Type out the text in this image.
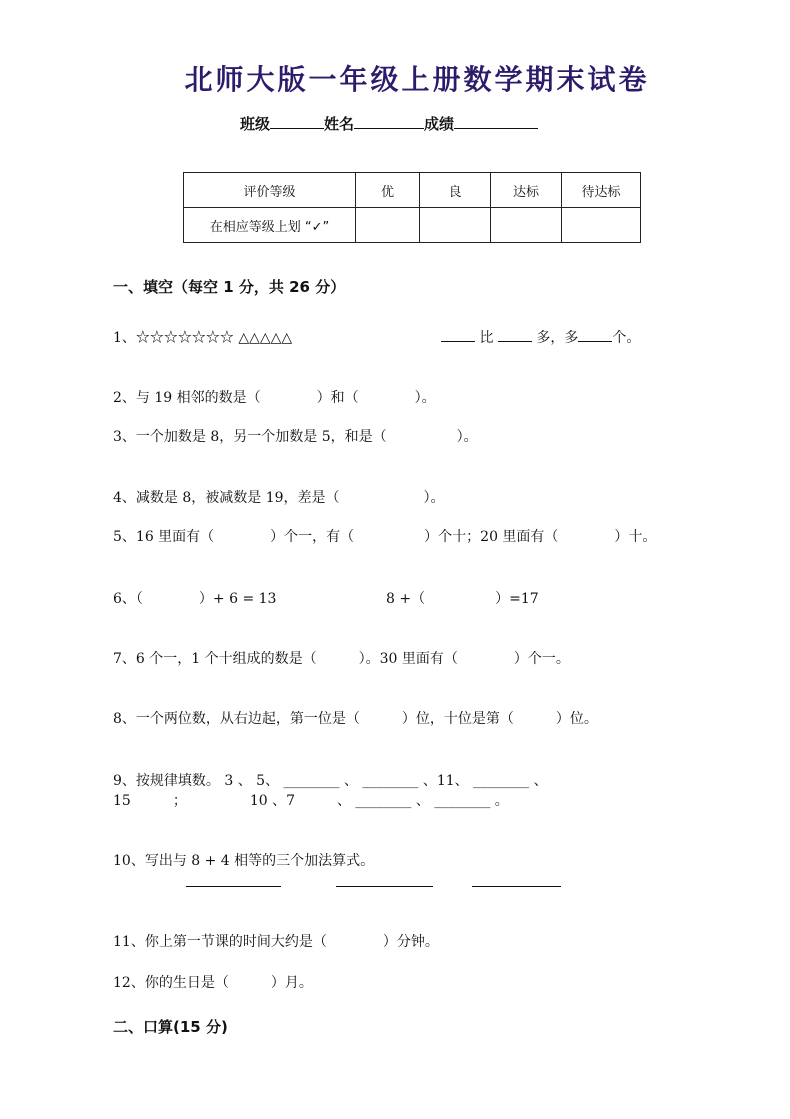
北师大版一年级上册数学期末试卷
班级	姓名	成绩
评价等级	优	良	达标	待达标
在相应等级上划 “✓”				
一、填空（每空 1 分，共 26 分）
1、☆☆☆☆☆☆☆ △△△△△	比	多，多 个。
2、与 19 相邻的数是（　　　　）和（　　　　）。
3、一个加数是 8，另一个加数是 5，和是（　　　　　）。
4、减数是 8，被减数是 19，差是（　　　　　　）。
5、16 里面有（　　　　）个一，有（　　　　　）个十；20 里面有（　　　　）十。
6、（　　　　）+ 6 = 13	8 +（　　　　　）=17
7、6 个一，1 个十组成的数是（　　　）。30 里面有（　　　　）个一。
8、一个两位数，从右边起，第一位是（　　　）位，十位是第（　　　）位。
9、按规律填数。 3 、 5、 ________ 、 ________ 、11、 ________ 、
15　　　；　　　　　10 、7　　　、 ________ 、 ________ 。
10、写出与 8 + 4 相等的三个加法算式。
11、你上第一节课的时间大约是（　　　　）分钟。
12、你的生日是（　　　）月。
二、口算(15 分)
